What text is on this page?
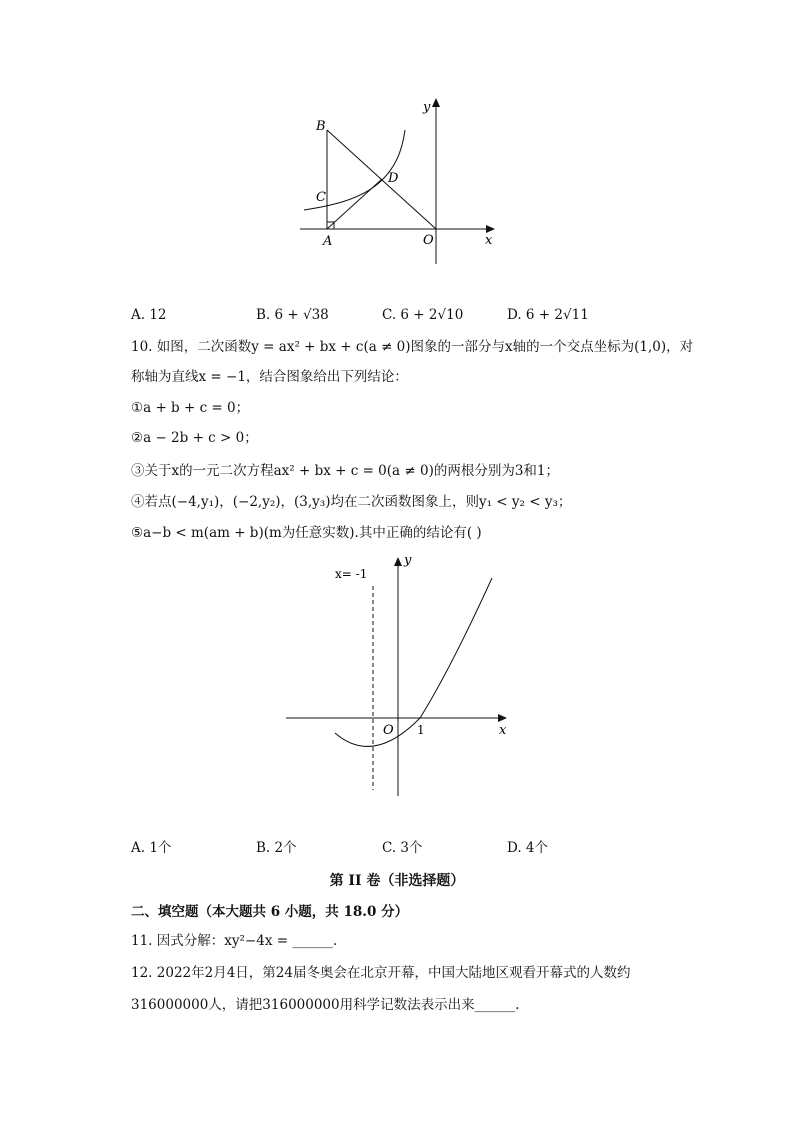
B
C
D
A	O	x
y
A. 12	B. 6 + √38	C. 6 + 2√10	D. 6 + 2√11
10. 如图，二次函数y = ax² + bx + c(a ≠ 0)图象的一部分与x轴的一个交点坐标为(1,0)，对
称轴为直线x = −1，结合图象给出下列结论：
①a + b + c = 0；
②a − 2b + c > 0；
③关于x的一元二次方程ax² + bx + c = 0(a ≠ 0)的两根分别为3和1；
④若点(−4,y₁)，(−2,y₂)，(3,y₃)均在二次函数图象上，则y₁ < y₂ < y₃；
⑤a−b < m(am + b)(m为任意实数).其中正确的结论有( )
x= -1
y
x
O 1
A. 1个	B. 2个	C. 3个	D. 4个
第 II 卷（非选择题）
二、填空题（本大题共 6 小题，共 18.0 分）
11. 因式分解：xy²−4x = ______.
12. 2022年2月4日，第24届冬奥会在北京开幕，中国大陆地区观看开幕式的人数约
316000000人，请把316000000用科学记数法表示出来______.
